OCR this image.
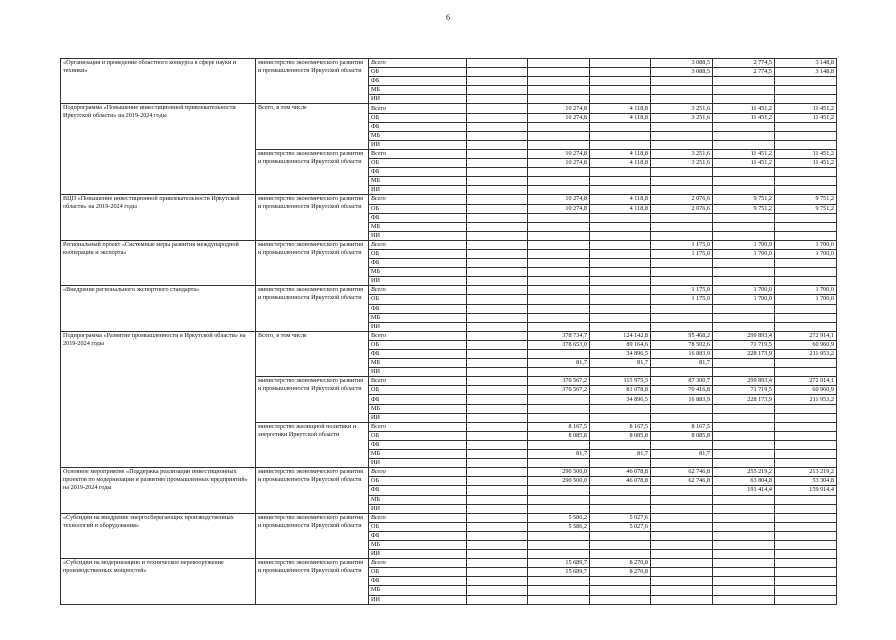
6
«Организация и проведение областного конкурса в сфере науки и техники»	министерство экономического развития и промышленности Иркутской области	Всего				3 088,5	2 774,5	3 148,8	
		ОБ				3 088,5	2 774,5	3 148,8	
		ФБ							
		МБ							
		ИИ							
Подпрограмма «Повышение инвестиционной привлекательности Иркутской области» на 2019-2024 годы	Всего, в том числе	Всего		10 274,8	4 118,8	3 251,6	11 451,2	11 451,2	
		ОБ		10 274,8	4 118,8	3 251,6	11 451,2	11 451,2	
		ФБ							
		МБ							
		ИИ							
	министерство экономического развития и промышленности Иркутской области	Всего		10 274,8	4 118,8	3 251,6	11 451,2	11 451,2	
		ОБ		10 274,8	4 118,8	3 251,6	11 451,2	11 451,2	
		ФБ							
		МБ							
		ИИ							
ВЦП «Повышение инвестиционной привлекательности Иркутской области» на 2019-2024 годы	министерство экономического развития и промышленности Иркутской области	Всего		10 274,8	4 118,8	2 076,6	9 751,2	9 751,2	
		ОБ		10 274,8	4 118,8	2 076,6	9 751,2	9 751,2	
		ФБ							
		МБ							
		ИИ							
Региональный проект «Системные меры развития международной кооперации и экспорта»	министерство экономического развития и промышленности Иркутской области	Всего				1 175,0	1 700,0	1 700,0	
		ОБ				1 175,0	1 700,0	1 700,0	
		ФБ							
		МБ							
		ИИ							
«Внедрение регионального экспортного стандарта»	министерство экономического развития и промышленности Иркутской области	Всего				1 175,0	1 700,0	1 700,0	
		ОБ				1 175,0	1 700,0	1 700,0	
		ФБ							
		МБ							
		ИИ							
Подпрограмма «Развитие промышленности в Иркутской области» на 2019-2024 годы	Всего, в том числе	Всего		378 734,7	124 142,8	95 468,2	299 893,4	272 914,1	
		ОБ		378 653,0	89 164,6	78 502,6	71 719,5	60 960,9	
		ФБ			34 896,5	16 883,9	228 173,9	211 953,2	
		МБ		81,7	81,7	81,7			
		ИИ							
	министерство экономического развития и промышленности Иркутской области	Всего		370 567,2	115 975,3	87 300,7	299 893,4	272 914,1	
		ОБ		370 567,2	81 078,8	70 416,8	71 719,5	60 960,9	
		ФБ			34 896,5	16 883,9	228 173,9	211 953,2	
		МБ							
		ИИ							
	министерство жилищной политики и энергетики Иркутской области	Всего		8 167,5	8 167,5	8 167,5			
		ОБ		8 085,8	8 085,8	8 085,8			
		ФБ							
		МБ		81,7	81,7	81,7			
		ИИ							
Основное мероприятие «Поддержка реализации инвестиционных проектов по модернизации и развитию промышленных предприятий» на 2019-2024 годы	министерство экономического развития и промышленности Иркутской области	Всего		290 500,0	46 078,8	62 746,8	255 219,2	213 219,2	
		ОБ		290 500,0	46 078,8	62 746,8	63 804,8	53 304,8	
		ФБ					191 414,4	159 914,4	
		МБ							
		ИИ							
«Субсидии на внедрение энергосберегающих производственных технологий и оборудования»	министерство экономического развития и промышленности Иркутской области	Всего		5 586,2	5 027,6				
		ОБ		5 586,2	5 027,6				
		ФБ							
		МБ							
		ИИ							
«Субсидии на модернизацию и техническое перевооружение производственных мощностей»	министерство экономического развития и промышленности Иркутской области	Всего		15 689,7	8 270,8				
		ОБ		15 689,7	8 270,8				
		ФБ							
		МБ							
		ИИ							
